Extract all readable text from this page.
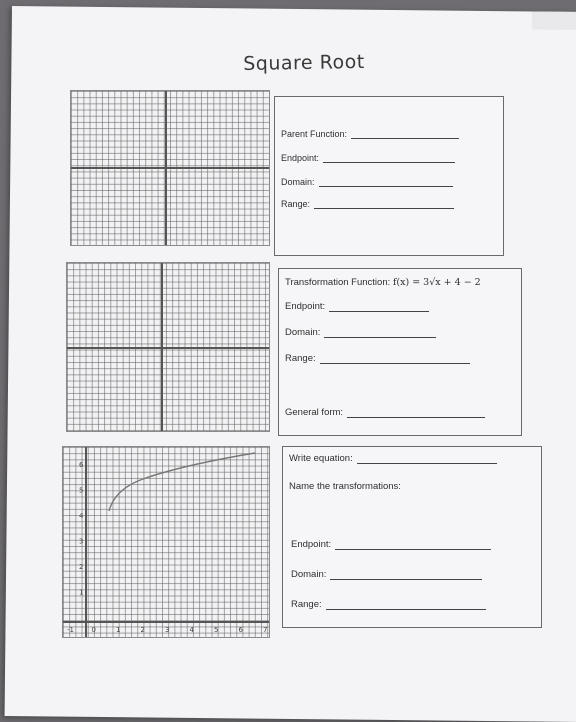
Square Root
Parent Function:
Endpoint:
Domain:
Range:
Transformation Function: f(x) = 3√x + 4 − 2
Endpoint:
Domain:
Range:
General form:
-1	0	1	2	3	4	5	6	7
6
5
4
3
2
1
Write equation:
Name the transformations:
Endpoint:
Domain:
Range:
